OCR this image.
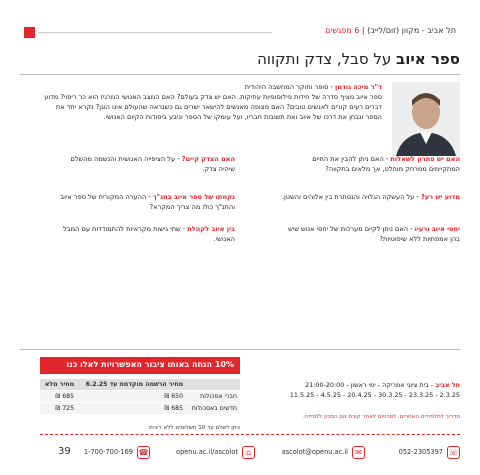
תל אביב - מקוון (זום/לייב) | 6 מפגשים
ספר איוב על סבל, צדק ותקווה
ד"ר מיכה גודמן - סופר וחוקר המחשבה היהודית
ספר איוב מציף סדרה של חידות פילוסופיות עתיקות. האם יש צדק בעולם? האם המצב האנושי המרגיז הוא כר ריפוי? מדוע דברים רעים קורים לאנשים טובים? האם מצופה מאנשים להישאר ישרים גם כשנראה שהעולם אינו הוגן? נקרא יחד את הספר ונבחן את דרכו של איוב ואת תשובות חבריו, ועל עומקו של הספר וניבע ביסודות הקיום האנושי.
האם יש פתרון לשאלות - האם ניתן להבין את החיים המתקיימים ממרחק מוחלט, אך מלאים בתקווה?
מדוע יש רע? - על העשקה הגלויה והנסתרת בין אלוהים והשטן.
יחסי איוב ורעיו - האם ניתן לקיים מערכות של יחסי אנוש שיש בהן אמפתיות ללא שיפוטיות?
האם הצדק קיים? - על הציפייה האנושית והנשמה מהשלם שיהיה צדק.
נקמתו של ספר איוב בתנ"ך - ההערה המקורית של ספר איוב והתנ"ך כולו מה צריך המקרא?
בין איוב לקהלת - שתי גישות מקראיות להתמודדות עם המבל האנושי.
10% הנחה באותו ציבור האפשרויות לאלו כנו
	מחיר הרשמה מוקדמת עד 6.2.25	מחיר מלא
חברי אסכולות	650 ₪	685 ₪
חדשים באסכולות	685 ₪	725 ₪
ניתן לשלם עד 10 תשלומים ללא ריבית
תל אביב - בית ציוני אמריקה - ימי ראשון - 21:00-20:00
2.3.25 - 23.3.25 - 30.3.25 - 20.4.25 - 4.5.25 - 11.5.25
מדריך לתלמידים האחרים. לפרטים לאתר קורס זום המכון ללמידה.
052-2305397 ☏
ascolot@openu.ac.il ✉
openu.ac.il/ascolot ⌂
1-700-700-169 ☎
39
